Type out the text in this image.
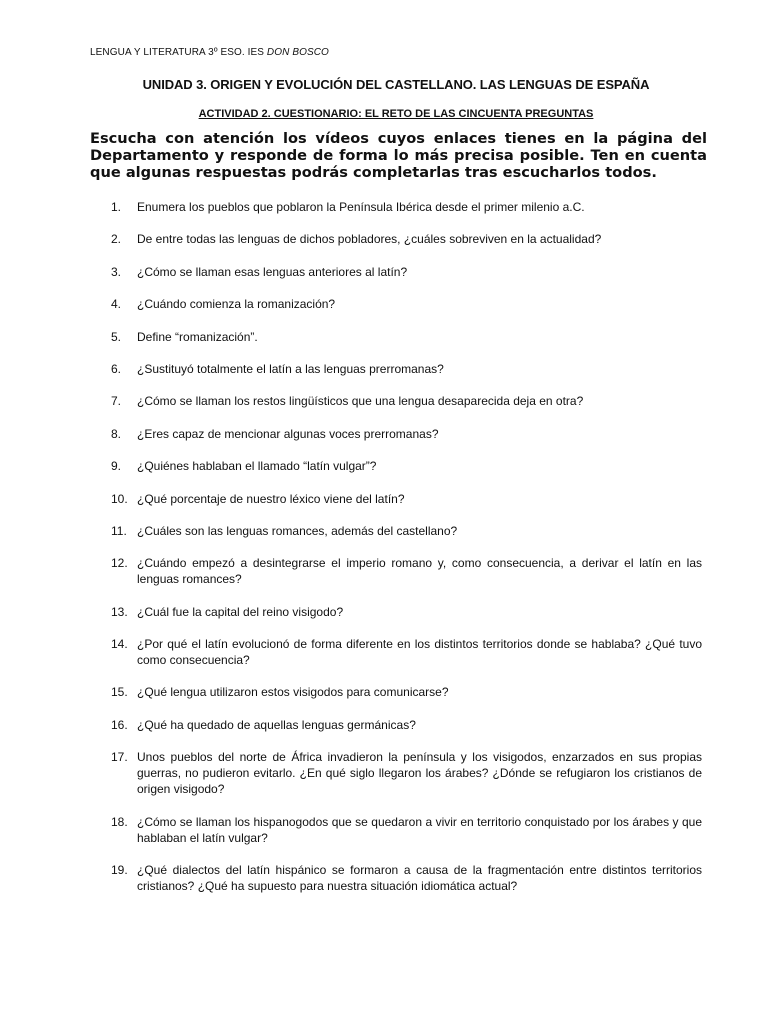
LENGUA Y LITERATURA 3º ESO. IES DON BOSCO
UNIDAD 3. ORIGEN Y EVOLUCIÓN DEL CASTELLANO. LAS LENGUAS DE ESPAÑA
ACTIVIDAD 2. CUESTIONARIO: EL RETO DE LAS CINCUENTA PREGUNTAS

Escucha con atención los vídeos cuyos enlaces tienes en la página del Departamento y responde de forma lo más precisa posible. Ten en cuenta que algunas respuestas podrás completarlas tras escucharlos todos.

1.	Enumera los pueblos que poblaron la Península Ibérica desde el primer milenio a.C.
2.	De entre todas las lenguas de dichos pobladores, ¿cuáles sobreviven en la actualidad?
3.	¿Cómo se llaman esas lenguas anteriores al latín?
4.	¿Cuándo comienza la romanización?
5.	Define “romanización”.
6.	¿Sustituyó totalmente el latín a las lenguas prerromanas?
7.	¿Cómo se llaman los restos lingüísticos que una lengua desaparecida deja en otra?
8.	¿Eres capaz de mencionar algunas voces prerromanas?
9.	¿Quiénes hablaban el llamado “latín vulgar”?
10. ¿Qué porcentaje de nuestro léxico viene del latín?
11. ¿Cuáles son las lenguas romances, además del castellano?
12. ¿Cuándo empezó a desintegrarse el imperio romano y, como consecuencia, a derivar el latín en las lenguas romances?
13. ¿Cuál fue la capital del reino visigodo?
14. ¿Por qué el latín evolucionó de forma diferente en los distintos territorios donde se hablaba? ¿Qué tuvo como consecuencia?
15. ¿Qué lengua utilizaron estos visigodos para comunicarse?
16. ¿Qué ha quedado de aquellas lenguas germánicas?
17. Unos pueblos del norte de África invadieron la península y los visigodos, enzarzados en sus propias guerras, no pudieron evitarlo. ¿En qué siglo llegaron los árabes? ¿Dónde se refugiaron los cristianos de origen visigodo?
18. ¿Cómo se llaman los hispanogodos que se quedaron a vivir en territorio conquistado por los árabes y que hablaban el latín vulgar?
19. ¿Qué dialectos del latín hispánico se formaron a causa de la fragmentación entre distintos territorios cristianos? ¿Qué ha supuesto para nuestra situación idiomática actual?
